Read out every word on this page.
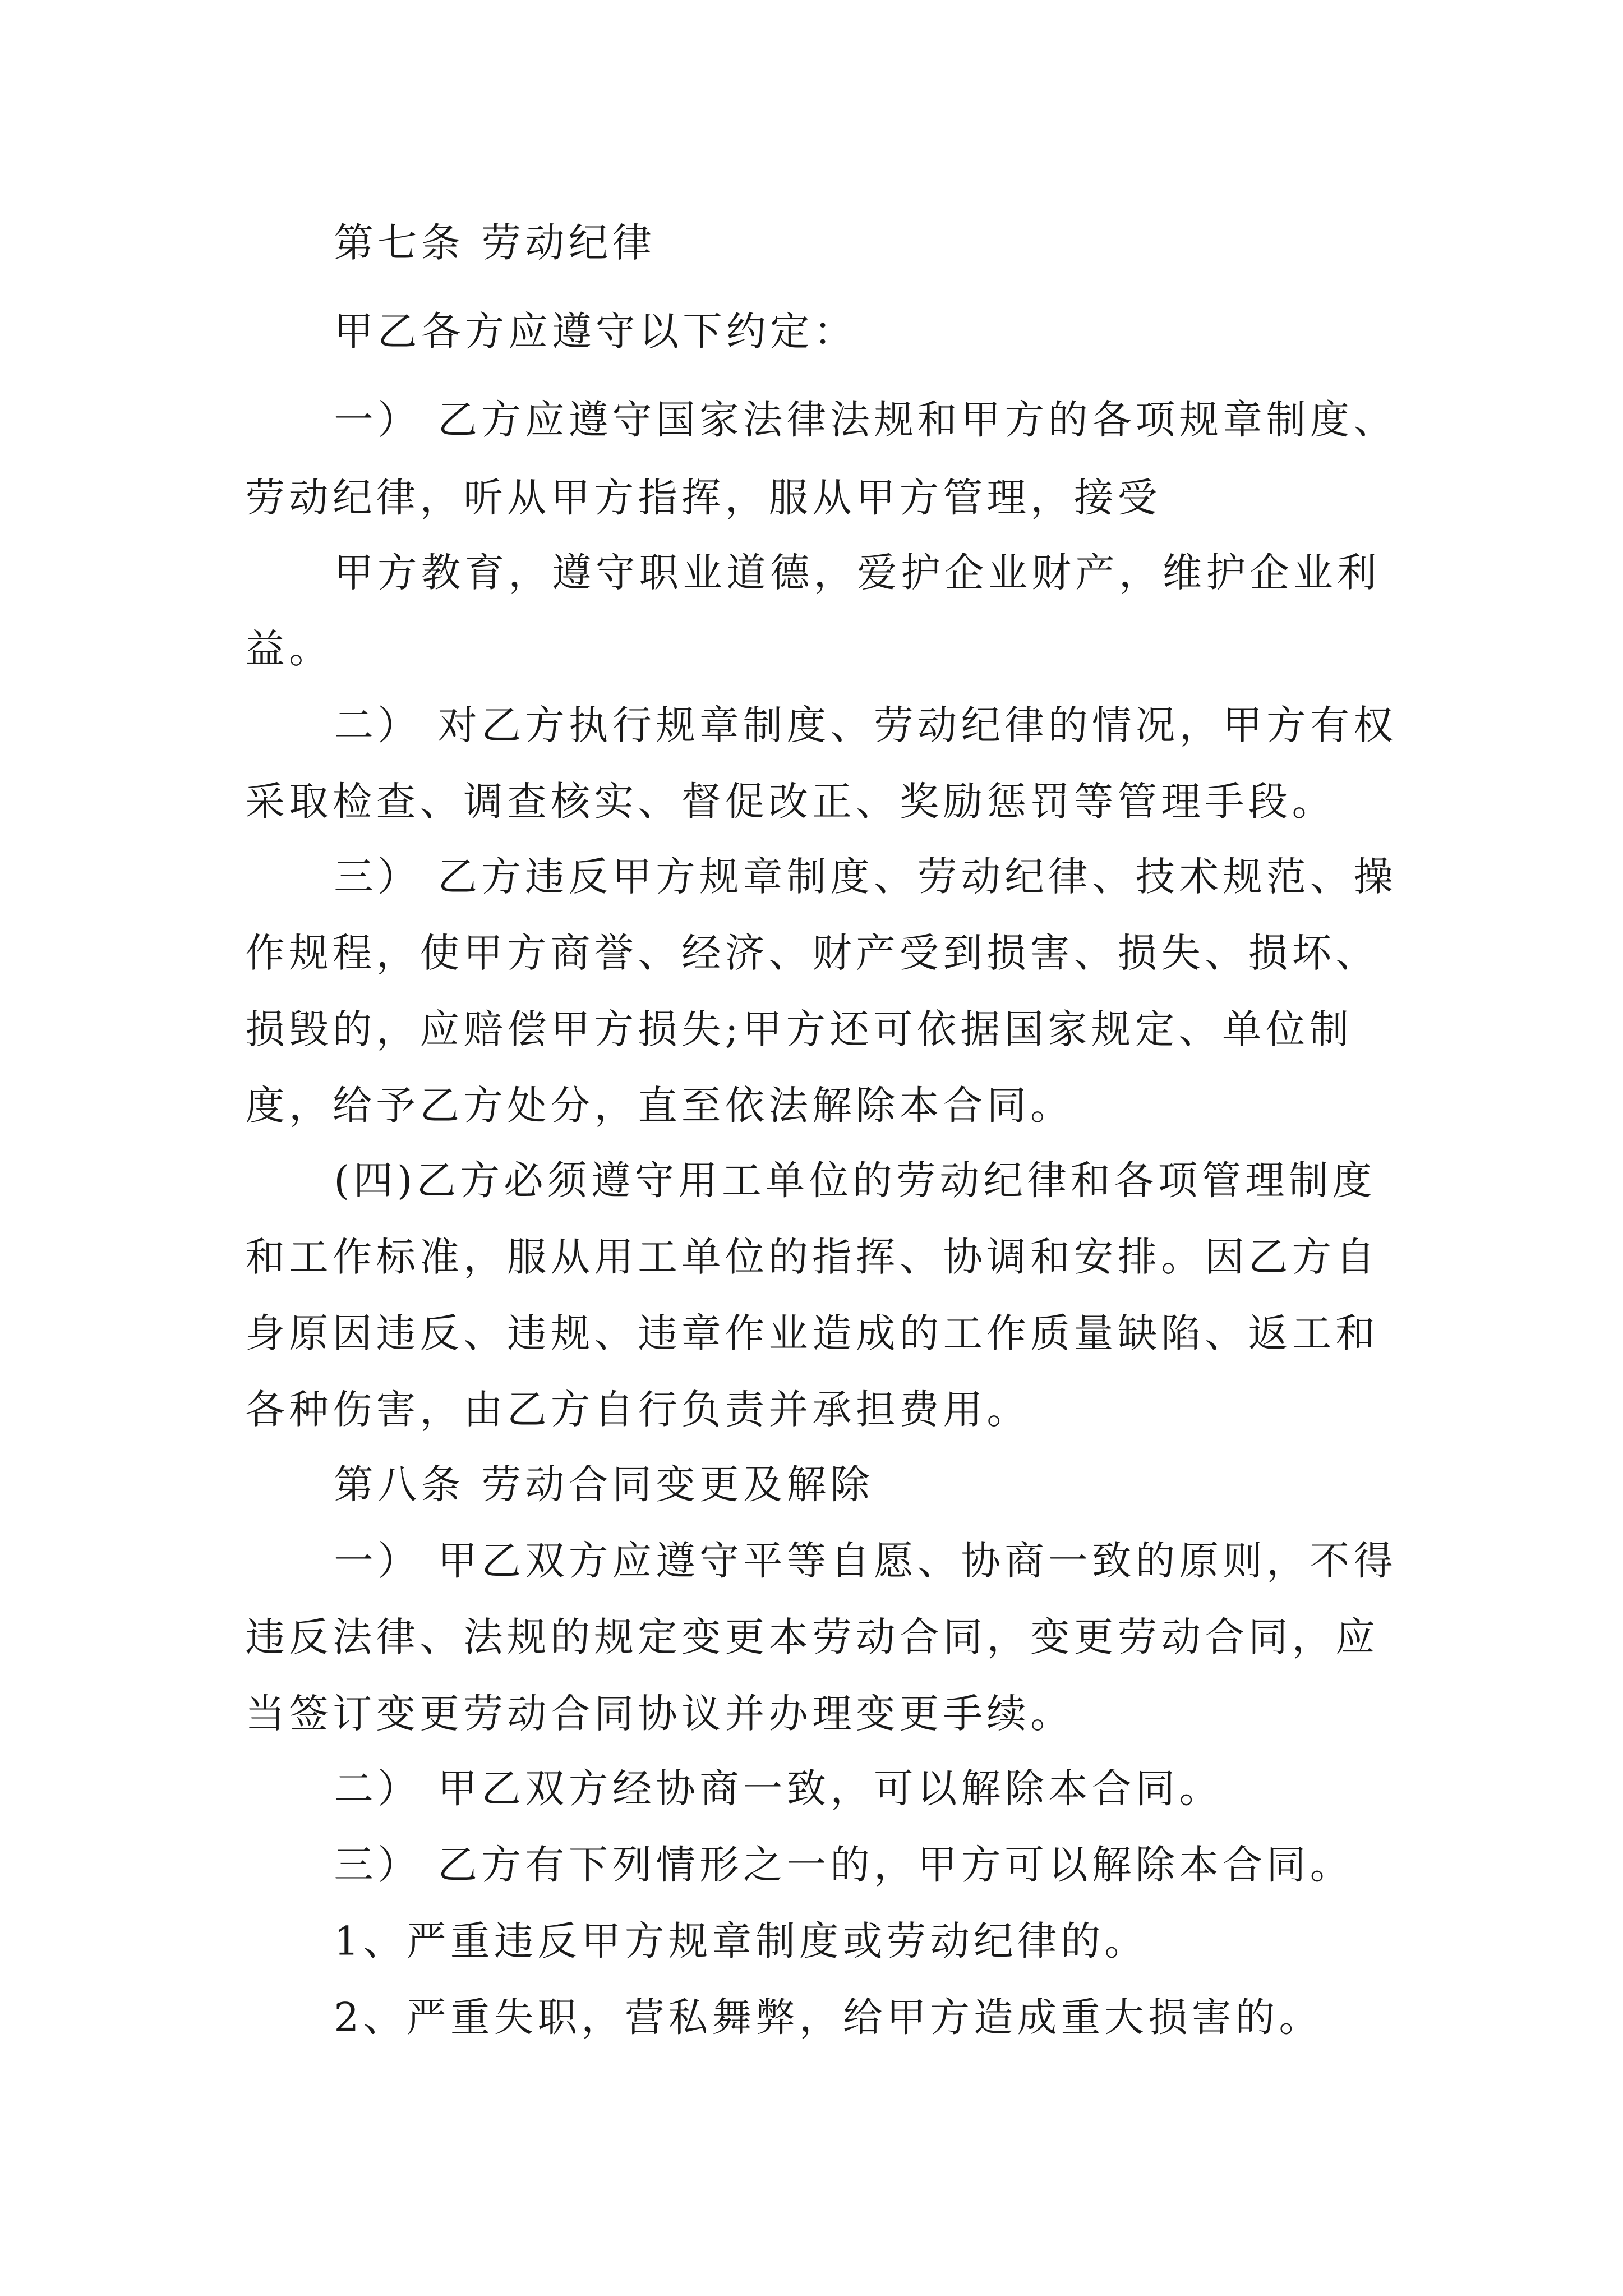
第七条 劳动纪律
甲乙各方应遵守以下约定：
一） 乙方应遵守国家法律法规和甲方的各项规章制度、
劳动纪律，听从甲方指挥，服从甲方管理，接受
甲方教育，遵守职业道德，爱护企业财产，维护企业利
益。
二） 对乙方执行规章制度、劳动纪律的情况，甲方有权
采取检查、调查核实、督促改正、奖励惩罚等管理手段。
三） 乙方违反甲方规章制度、劳动纪律、技术规范、操
作规程，使甲方商誉、经济、财产受到损害、损失、损坏、
损毁的，应赔偿甲方损失;甲方还可依据国家规定、单位制
度，给予乙方处分，直至依法解除本合同。
(四)乙方必须遵守用工单位的劳动纪律和各项管理制度
和工作标准，服从用工单位的指挥、协调和安排。因乙方自
身原因违反、违规、违章作业造成的工作质量缺陷、返工和
各种伤害，由乙方自行负责并承担费用。
第八条 劳动合同变更及解除
一） 甲乙双方应遵守平等自愿、协商一致的原则，不得
违反法律、法规的规定变更本劳动合同，变更劳动合同，应
当签订变更劳动合同协议并办理变更手续。
二） 甲乙双方经协商一致，可以解除本合同。
三） 乙方有下列情形之一的，甲方可以解除本合同。
1、严重违反甲方规章制度或劳动纪律的。
2、严重失职，营私舞弊，给甲方造成重大损害的。
